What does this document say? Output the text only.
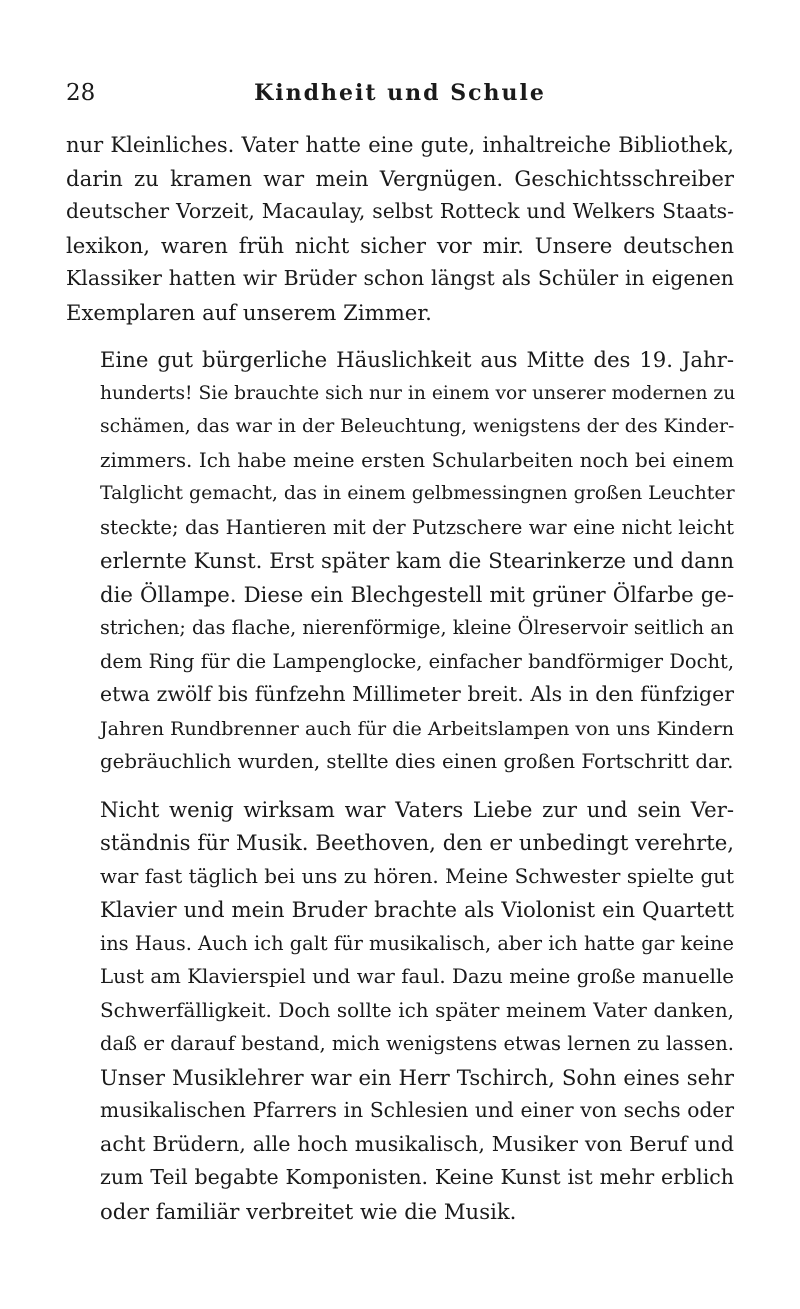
28	Kindheit und Schule
nur Kleinliches. Vater hatte eine gute, inhaltreiche Bibliothek,
darin zu kramen war mein Vergnügen. Geschichtsschreiber
deutscher Vorzeit, Macaulay, selbst Rotteck und Welkers Staats-
lexikon, waren früh nicht sicher vor mir. Unsere deutschen
Klassiker hatten wir Brüder schon längst als Schüler in eigenen
Exemplaren auf unserem Zimmer.
Eine gut bürgerliche Häuslichkeit aus Mitte des 19. Jahr-
hunderts! Sie brauchte sich nur in einem vor unserer modernen zu
schämen, das war in der Beleuchtung, wenigstens der des Kinder-
zimmers. Ich habe meine ersten Schularbeiten noch bei einem
Talglicht gemacht, das in einem gelbmessingnen großen Leuchter
steckte; das Hantieren mit der Putzschere war eine nicht leicht
erlernte Kunst. Erst später kam die Stearinkerze und dann
die Öllampe. Diese ein Blechgestell mit grüner Ölfarbe ge-
strichen; das flache, nierenförmige, kleine Ölreservoir seitlich an
dem Ring für die Lampenglocke, einfacher bandförmiger Docht,
etwa zwölf bis fünfzehn Millimeter breit. Als in den fünfziger
Jahren Rundbrenner auch für die Arbeitslampen von uns Kindern
gebräuchlich wurden, stellte dies einen großen Fortschritt dar.
Nicht wenig wirksam war Vaters Liebe zur und sein Ver-
ständnis für Musik. Beethoven, den er unbedingt verehrte,
war fast täglich bei uns zu hören. Meine Schwester spielte gut
Klavier und mein Bruder brachte als Violonist ein Quartett
ins Haus. Auch ich galt für musikalisch, aber ich hatte gar keine
Lust am Klavierspiel und war faul. Dazu meine große manuelle
Schwerfälligkeit. Doch sollte ich später meinem Vater danken,
daß er darauf bestand, mich wenigstens etwas lernen zu lassen.
Unser Musiklehrer war ein Herr Tschirch, Sohn eines sehr
musikalischen Pfarrers in Schlesien und einer von sechs oder
acht Brüdern, alle hoch musikalisch, Musiker von Beruf und
zum Teil begabte Komponisten. Keine Kunst ist mehr erblich
oder familiär verbreitet wie die Musik.
